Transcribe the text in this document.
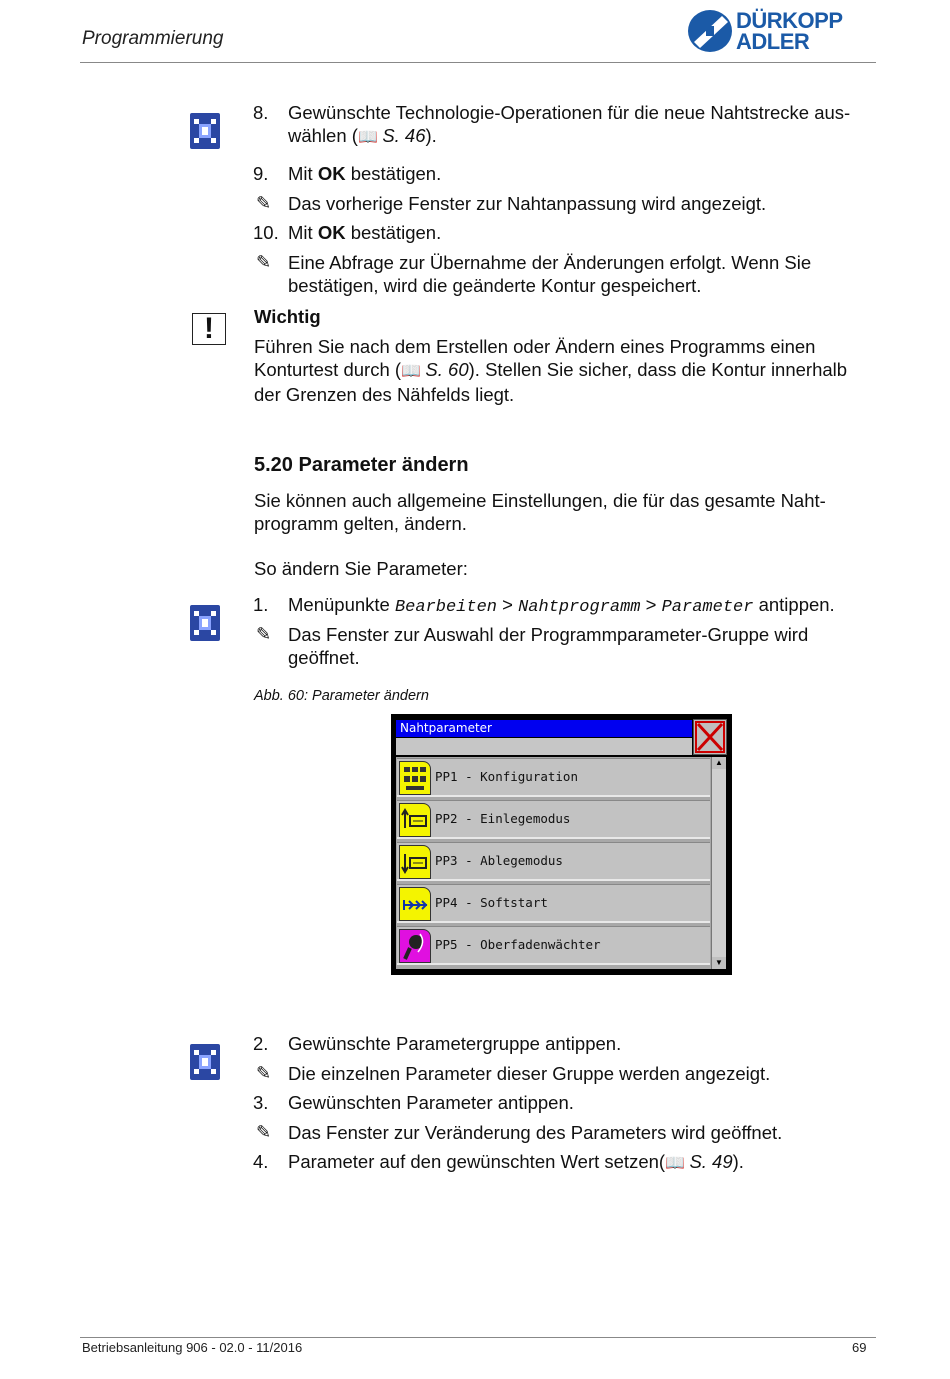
Programmierung
DÜRKOPP
ADLER
8. Gewünschte Technologie-Operationen für die neue Nahtstrecke aus-
wählen (📖 S. 46).
9. Mit OK bestätigen.
✎ Das vorherige Fenster zur Nahtanpassung wird angezeigt.
10. Mit OK bestätigen.
✎ Eine Abfrage zur Übernahme der Änderungen erfolgt. Wenn Sie
bestätigen, wird die geänderte Kontur gespeichert.
!	Wichtig
Führen Sie nach dem Erstellen oder Ändern eines Programms einen
Konturtest durch (📖 S. 60). Stellen Sie sicher, dass die Kontur innerhalb
der Grenzen des Nähfelds liegt.
5.20 Parameter ändern
Sie können auch allgemeine Einstellungen, die für das gesamte Naht-
programm gelten, ändern.
So ändern Sie Parameter:
1. Menüpunkte Bearbeiten > Nahtprogramm > Parameter antippen.
✎ Das Fenster zur Auswahl der Programmparameter-Gruppe wird
geöffnet.
Abb. 60: Parameter ändern
Nahtparameter
PP1 - Konfiguration
PP2 - Einlegemodus
PP3 - Ablegemodus
PP4 - Softstart
PP5 - Oberfadenwächter
▲
▼
2. Gewünschte Parametergruppe antippen.
✎ Die einzelnen Parameter dieser Gruppe werden angezeigt.
3. Gewünschten Parameter antippen.
✎ Das Fenster zur Veränderung des Parameters wird geöffnet.
4. Parameter auf den gewünschten Wert setzen(📖 S. 49).
Betriebsanleitung 906 - 02.0 - 11/2016	69
